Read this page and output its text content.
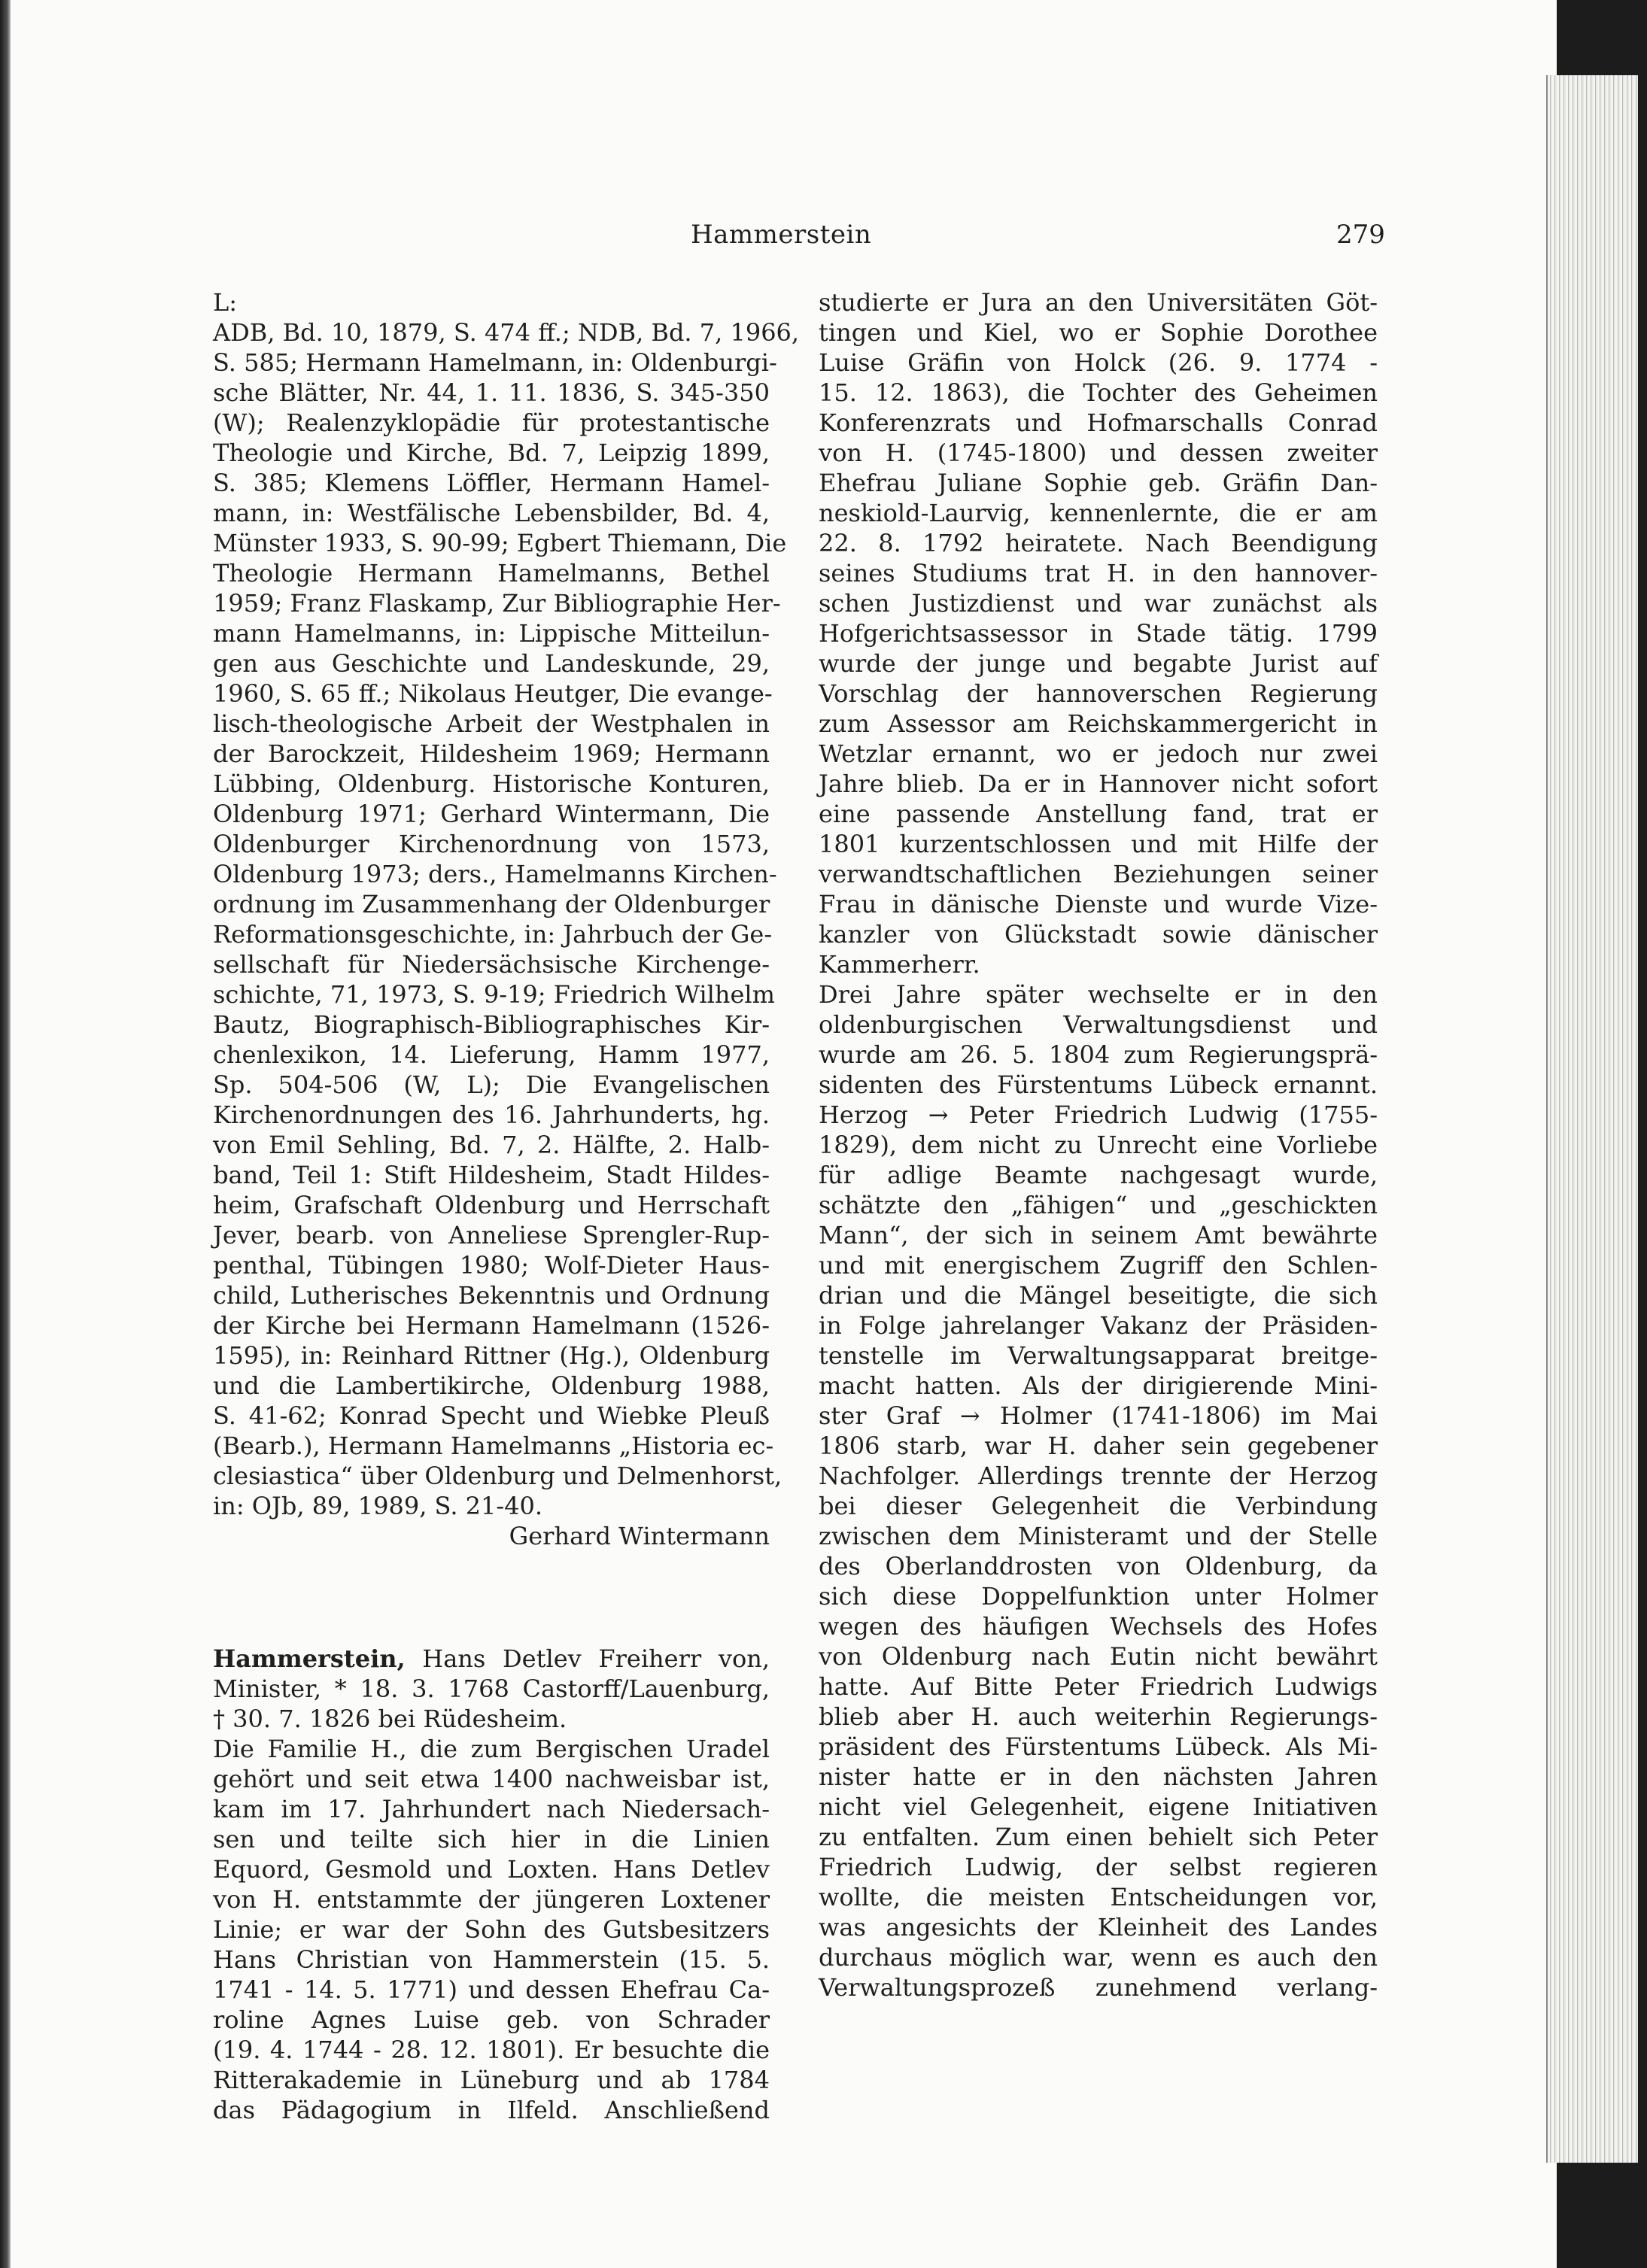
Hammerstein	279
L:
ADB, Bd. 10, 1879, S. 474 ff.; NDB, Bd. 7, 1966,
S. 585; Hermann Hamelmann, in: Oldenburgi-
sche Blätter, Nr. 44, 1. 11. 1836, S. 345-350
(W); Realenzyklopädie für protestantische
Theologie und Kirche, Bd. 7, Leipzig 1899,
S. 385; Klemens Löffler, Hermann Hamel-
mann, in: Westfälische Lebensbilder, Bd. 4,
Münster 1933, S. 90-99; Egbert Thiemann, Die
Theologie Hermann Hamelmanns, Bethel
1959; Franz Flaskamp, Zur Bibliographie Her-
mann Hamelmanns, in: Lippische Mitteilun-
gen aus Geschichte und Landeskunde, 29,
1960, S. 65 ff.; Nikolaus Heutger, Die evange-
lisch-theologische Arbeit der Westphalen in
der Barockzeit, Hildesheim 1969; Hermann
Lübbing, Oldenburg. Historische Konturen,
Oldenburg 1971; Gerhard Wintermann, Die
Oldenburger Kirchenordnung von 1573,
Oldenburg 1973; ders., Hamelmanns Kirchen-
ordnung im Zusammenhang der Oldenburger
Reformationsgeschichte, in: Jahrbuch der Ge-
sellschaft für Niedersächsische Kirchenge-
schichte, 71, 1973, S. 9-19; Friedrich Wilhelm
Bautz, Biographisch-Bibliographisches Kir-
chenlexikon, 14. Lieferung, Hamm 1977,
Sp. 504-506 (W, L); Die Evangelischen
Kirchenordnungen des 16. Jahrhunderts, hg.
von Emil Sehling, Bd. 7, 2. Hälfte, 2. Halb-
band, Teil 1: Stift Hildesheim, Stadt Hildes-
heim, Grafschaft Oldenburg und Herrschaft
Jever, bearb. von Anneliese Sprengler-Rup-
penthal, Tübingen 1980; Wolf-Dieter Haus-
child, Lutherisches Bekenntnis und Ordnung
der Kirche bei Hermann Hamelmann (1526-
1595), in: Reinhard Rittner (Hg.), Oldenburg
und die Lambertikirche, Oldenburg 1988,
S. 41-62; Konrad Specht und Wiebke Pleuß
(Bearb.), Hermann Hamelmanns „Historia ec-
clesiastica“ über Oldenburg und Delmenhorst,
in: OJb, 89, 1989, S. 21-40.
Gerhard Wintermann
Hammerstein, Hans Detlev Freiherr von,
Minister, * 18. 3. 1768 Castorff/Lauenburg,
† 30. 7. 1826 bei Rüdesheim.
Die Familie H., die zum Bergischen Uradel
gehört und seit etwa 1400 nachweisbar ist,
kam im 17. Jahrhundert nach Niedersach-
sen und teilte sich hier in die Linien
Equord, Gesmold und Loxten. Hans Detlev
von H. entstammte der jüngeren Loxtener
Linie; er war der Sohn des Gutsbesitzers
Hans Christian von Hammerstein (15. 5.
1741 - 14. 5. 1771) und dessen Ehefrau Ca-
roline Agnes Luise geb. von Schrader
(19. 4. 1744 - 28. 12. 1801). Er besuchte die
Ritterakademie in Lüneburg und ab 1784
das Pädagogium in Ilfeld. Anschließend
studierte er Jura an den Universitäten Göt-
tingen und Kiel, wo er Sophie Dorothee
Luise Gräfin von Holck (26. 9. 1774 -
15. 12. 1863), die Tochter des Geheimen
Konferenzrats und Hofmarschalls Conrad
von H. (1745-1800) und dessen zweiter
Ehefrau Juliane Sophie geb. Gräfin Dan-
neskiold-Laurvig, kennenlernte, die er am
22. 8. 1792 heiratete. Nach Beendigung
seines Studiums trat H. in den hannover-
schen Justizdienst und war zunächst als
Hofgerichtsassessor in Stade tätig. 1799
wurde der junge und begabte Jurist auf
Vorschlag der hannoverschen Regierung
zum Assessor am Reichskammergericht in
Wetzlar ernannt, wo er jedoch nur zwei
Jahre blieb. Da er in Hannover nicht sofort
eine passende Anstellung fand, trat er
1801 kurzentschlossen und mit Hilfe der
verwandtschaftlichen Beziehungen seiner
Frau in dänische Dienste und wurde Vize-
kanzler von Glückstadt sowie dänischer
Kammerherr.
Drei Jahre später wechselte er in den
oldenburgischen Verwaltungsdienst und
wurde am 26. 5. 1804 zum Regierungsprä-
sidenten des Fürstentums Lübeck ernannt.
Herzog → Peter Friedrich Ludwig (1755-
1829), dem nicht zu Unrecht eine Vorliebe
für adlige Beamte nachgesagt wurde,
schätzte den „fähigen“ und „geschickten
Mann“, der sich in seinem Amt bewährte
und mit energischem Zugriff den Schlen-
drian und die Mängel beseitigte, die sich
in Folge jahrelanger Vakanz der Präsiden-
tenstelle im Verwaltungsapparat breitge-
macht hatten. Als der dirigierende Mini-
ster Graf → Holmer (1741-1806) im Mai
1806 starb, war H. daher sein gegebener
Nachfolger. Allerdings trennte der Herzog
bei dieser Gelegenheit die Verbindung
zwischen dem Ministeramt und der Stelle
des Oberlanddrosten von Oldenburg, da
sich diese Doppelfunktion unter Holmer
wegen des häufigen Wechsels des Hofes
von Oldenburg nach Eutin nicht bewährt
hatte. Auf Bitte Peter Friedrich Ludwigs
blieb aber H. auch weiterhin Regierungs-
präsident des Fürstentums Lübeck. Als Mi-
nister hatte er in den nächsten Jahren
nicht viel Gelegenheit, eigene Initiativen
zu entfalten. Zum einen behielt sich Peter
Friedrich Ludwig, der selbst regieren
wollte, die meisten Entscheidungen vor,
was angesichts der Kleinheit des Landes
durchaus möglich war, wenn es auch den
Verwaltungsprozeß zunehmend verlang-
